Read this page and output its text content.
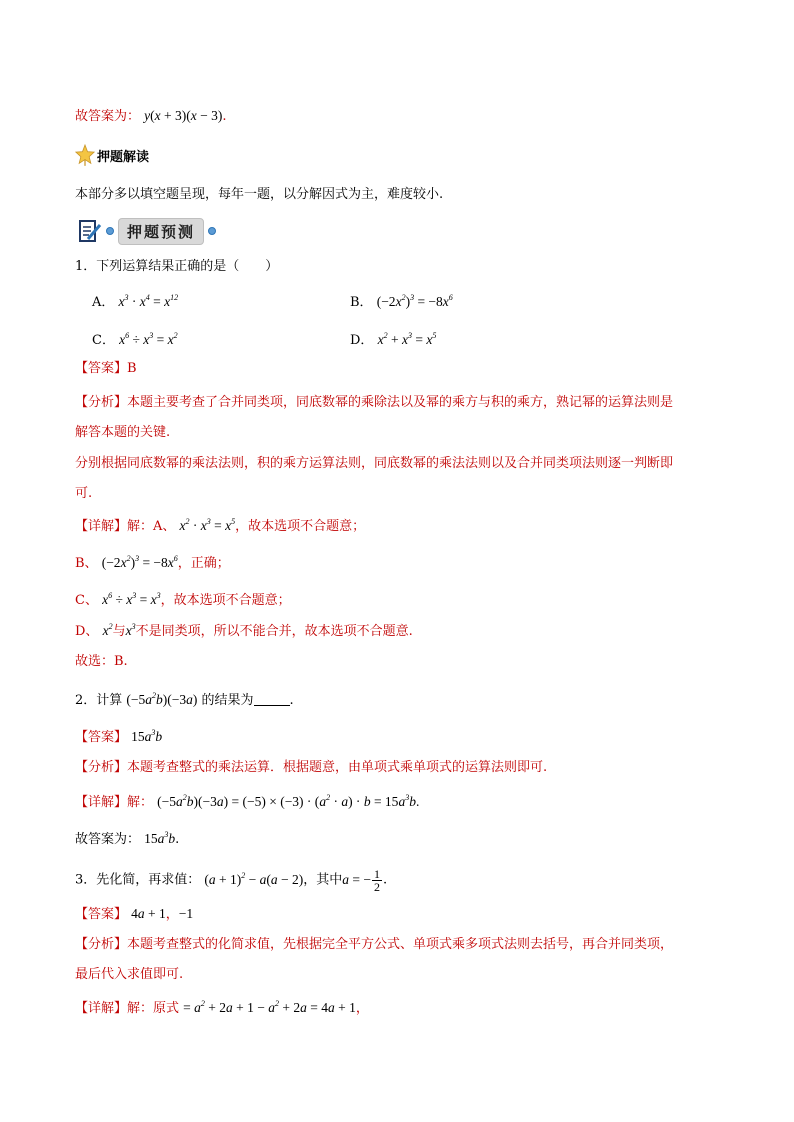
故答案为： y(x + 3)(x − 3).
押题解读
本部分多以填空题呈现，每年一题，以分解因式为主，难度较小.
押题预测
1．下列运算结果正确的是（　　）
A． $x^3 \cdot x^4 = x^{12}$	B． $(-2x^2)^3 = -8x^6$
C． $x^6 \div x^3 = x^2$	D． $x^2 + x^3 = x^5$
【答案】B
【分析】本题主要考查了合并同类项，同底数幂的乘除法以及幂的乘方与积的乘方，熟记幂的运算法则是
解答本题的关键.
分别根据同底数幂的乘法法则，积的乘方运算法则，同底数幂的乘法法则以及合并同类项法则逐一判断即
可.
【详解】解：A、 $x^2 \cdot x^3 = x^5$，故本选项不合题意；
B、 $(-2x^2)^3 = -8x^6$，正确；
C、 $x^6 \div x^3 = x^3$，故本选项不合题意；
D、 $x^2$与$x^3$不是同类项，所以不能合并，故本选项不合题意.
故选：B.
2．计算 $(-5a^2b)(-3a)$ 的结果为	.
【答案】 $15a^3b$
【分析】本题考查整式的乘法运算．根据题意，由单项式乘单项式的运算法则即可.
【详解】解： $(-5a^2b)(-3a) = (-5) \times (-3) \cdot (a^2 \cdot a) \cdot b = 15a^3b$.
故答案为： $15a^3b$.
3．先化简，再求值： $(a + 1)^2 - a(a - 2)$，其中a = − $\frac{1}{2}$ .
【答案】 4a + 1，−1
【分析】本题考查整式的化简求值，先根据完全平方公式、单项式乘多项式法则去括号，再合并同类项，
最后代入求值即可.
【详解】解：原式 = $a^2 + 2a + 1 - a^2 + 2a = 4a + 1$，
